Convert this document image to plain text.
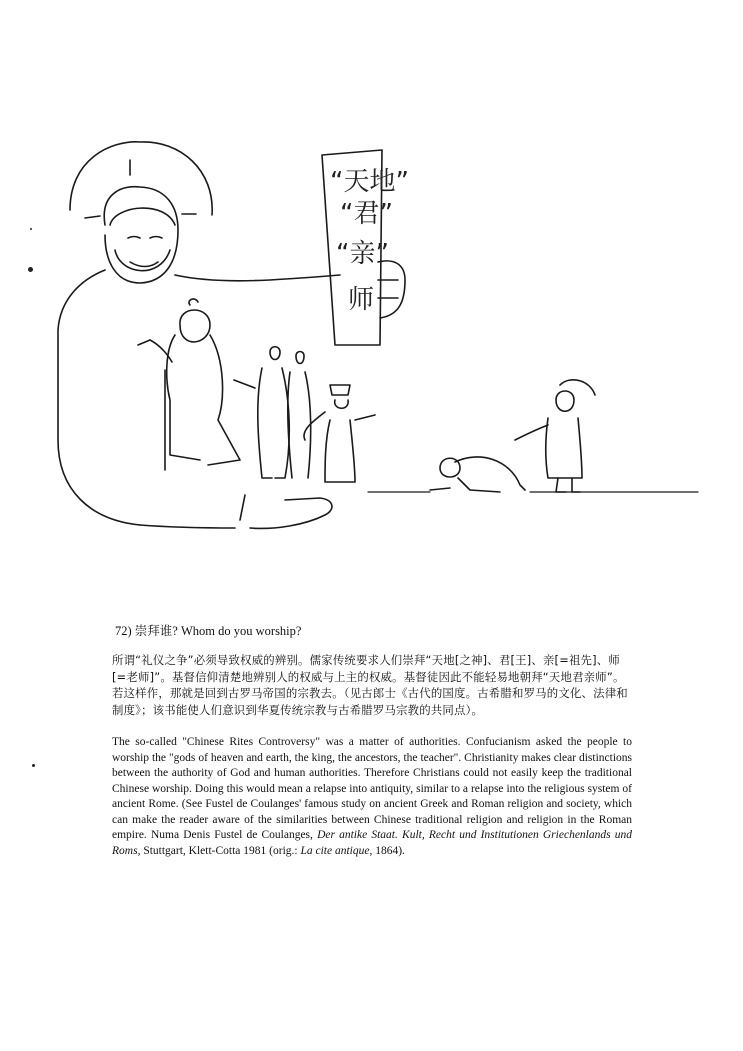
“天地”
“君”
“亲”
师
72) 崇拜谁? Whom do you worship?
所谓“礼仪之争”必须导致权威的辨别。儒家传统要求人们崇拜“天地[之神]、君[王]、亲[=祖先]、师[=老师]”。基督信仰清楚地辨别人的权威与上主的权威。基督徒因此不能轻易地朝拜“天地君亲师”。若这样作，那就是回到古罗马帝国的宗教去。（见古郎士《古代的国度。古希腊和罗马的文化、法律和制度》；该书能使人们意识到华夏传统宗教与古希腊罗马宗教的共同点）。
The so-called "Chinese Rites Controversy" was a matter of authorities. Confucianism asked the people to worship the "gods of heaven and earth, the king, the ancestors, the teacher". Christianity makes clear distinctions between the authority of God and human authorities. Therefore Christians could not easily keep the traditional Chinese worship. Doing this would mean a relapse into antiquity, similar to a relapse into the religious system of ancient Rome. (See Fustel de Coulanges' famous study on ancient Greek and Roman religion and society, which can make the reader aware of the similarities between Chinese traditional religion and religion in the Roman empire. Numa Denis Fustel de Coulanges, Der antike Staat. Kult, Recht und Institutionen Griechenlands und Roms, Stuttgart, Klett-Cotta 1981 (orig.: La cite antique, 1864).
